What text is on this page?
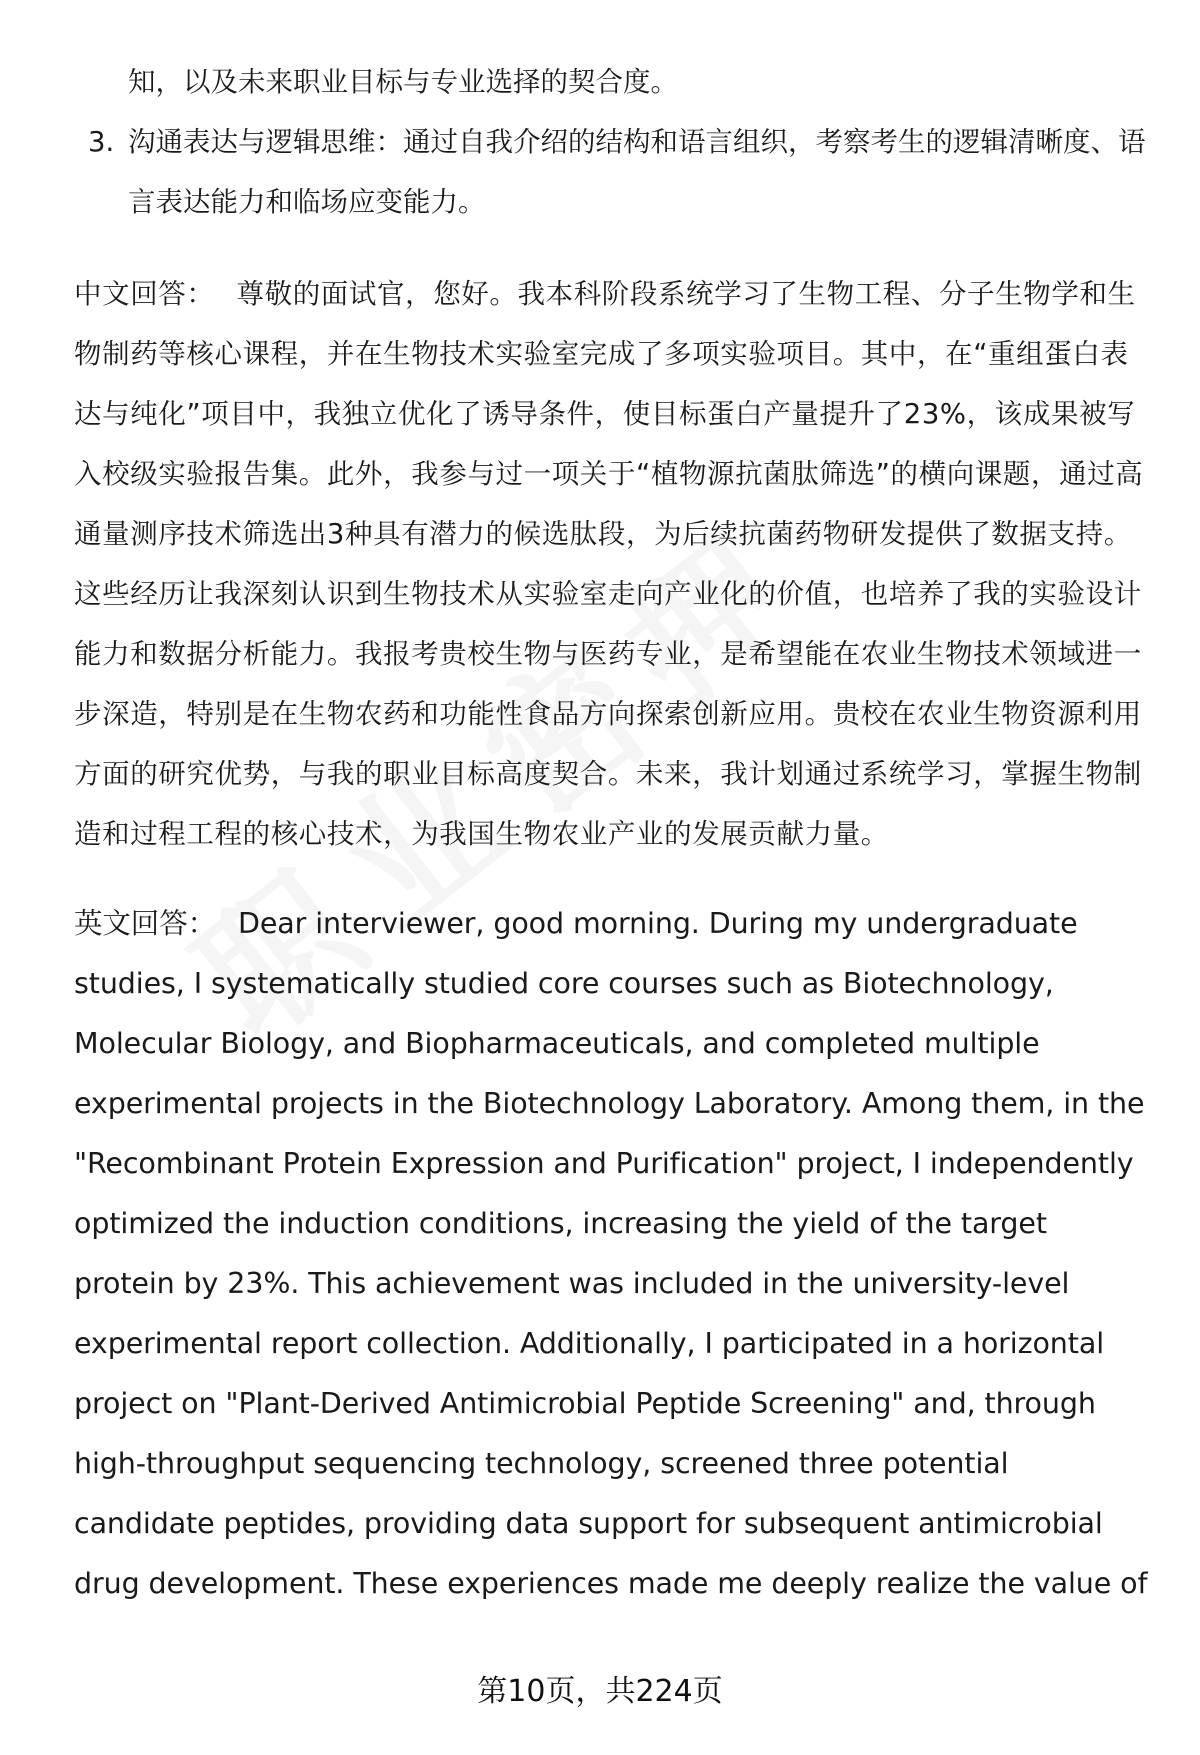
知，以及未来职业目标与专业选择的契合度。
3. 沟通表达与逻辑思维：通过自我介绍的结构和语言组织，考察考生的逻辑清晰度、语言表达能力和临场应变能力。
中文回答： 尊敬的面试官，您好。我本科阶段系统学习了生物工程、分子生物学和生物制药等核心课程，并在生物技术实验室完成了多项实验项目。其中，在“重组蛋白表达与纯化”项目中，我独立优化了诱导条件，使目标蛋白产量提升了23%，该成果被写入校级实验报告集。此外，我参与过一项关于“植物源抗菌肽筛选”的横向课题，通过高通量测序技术筛选出3种具有潜力的候选肽段，为后续抗菌药物研发提供了数据支持。这些经历让我深刻认识到生物技术从实验室走向产业化的价值，也培养了我的实验设计能力和数据分析能力。我报考贵校生物与医药专业，是希望能在农业生物技术领域进一步深造，特别是在生物农药和功能性食品方向探索创新应用。贵校在农业生物资源利用方面的研究优势，与我的职业目标高度契合。未来，我计划通过系统学习，掌握生物制造和过程工程的核心技术，为我国生物农业产业的发展贡献力量。
英文回答： Dear interviewer, good morning. During my undergraduate studies, I systematically studied core courses such as Biotechnology, Molecular Biology, and Biopharmaceuticals, and completed multiple experimental projects in the Biotechnology Laboratory. Among them, in the "Recombinant Protein Expression and Purification" project, I independently optimized the induction conditions, increasing the yield of the target protein by 23%. This achievement was included in the university-level experimental report collection. Additionally, I participated in a horizontal project on "Plant-Derived Antimicrobial Peptide Screening" and, through high-throughput sequencing technology, screened three potential candidate peptides, providing data support for subsequent antimicrobial drug development. These experiences made me deeply realize the value of
第10页，共224页
